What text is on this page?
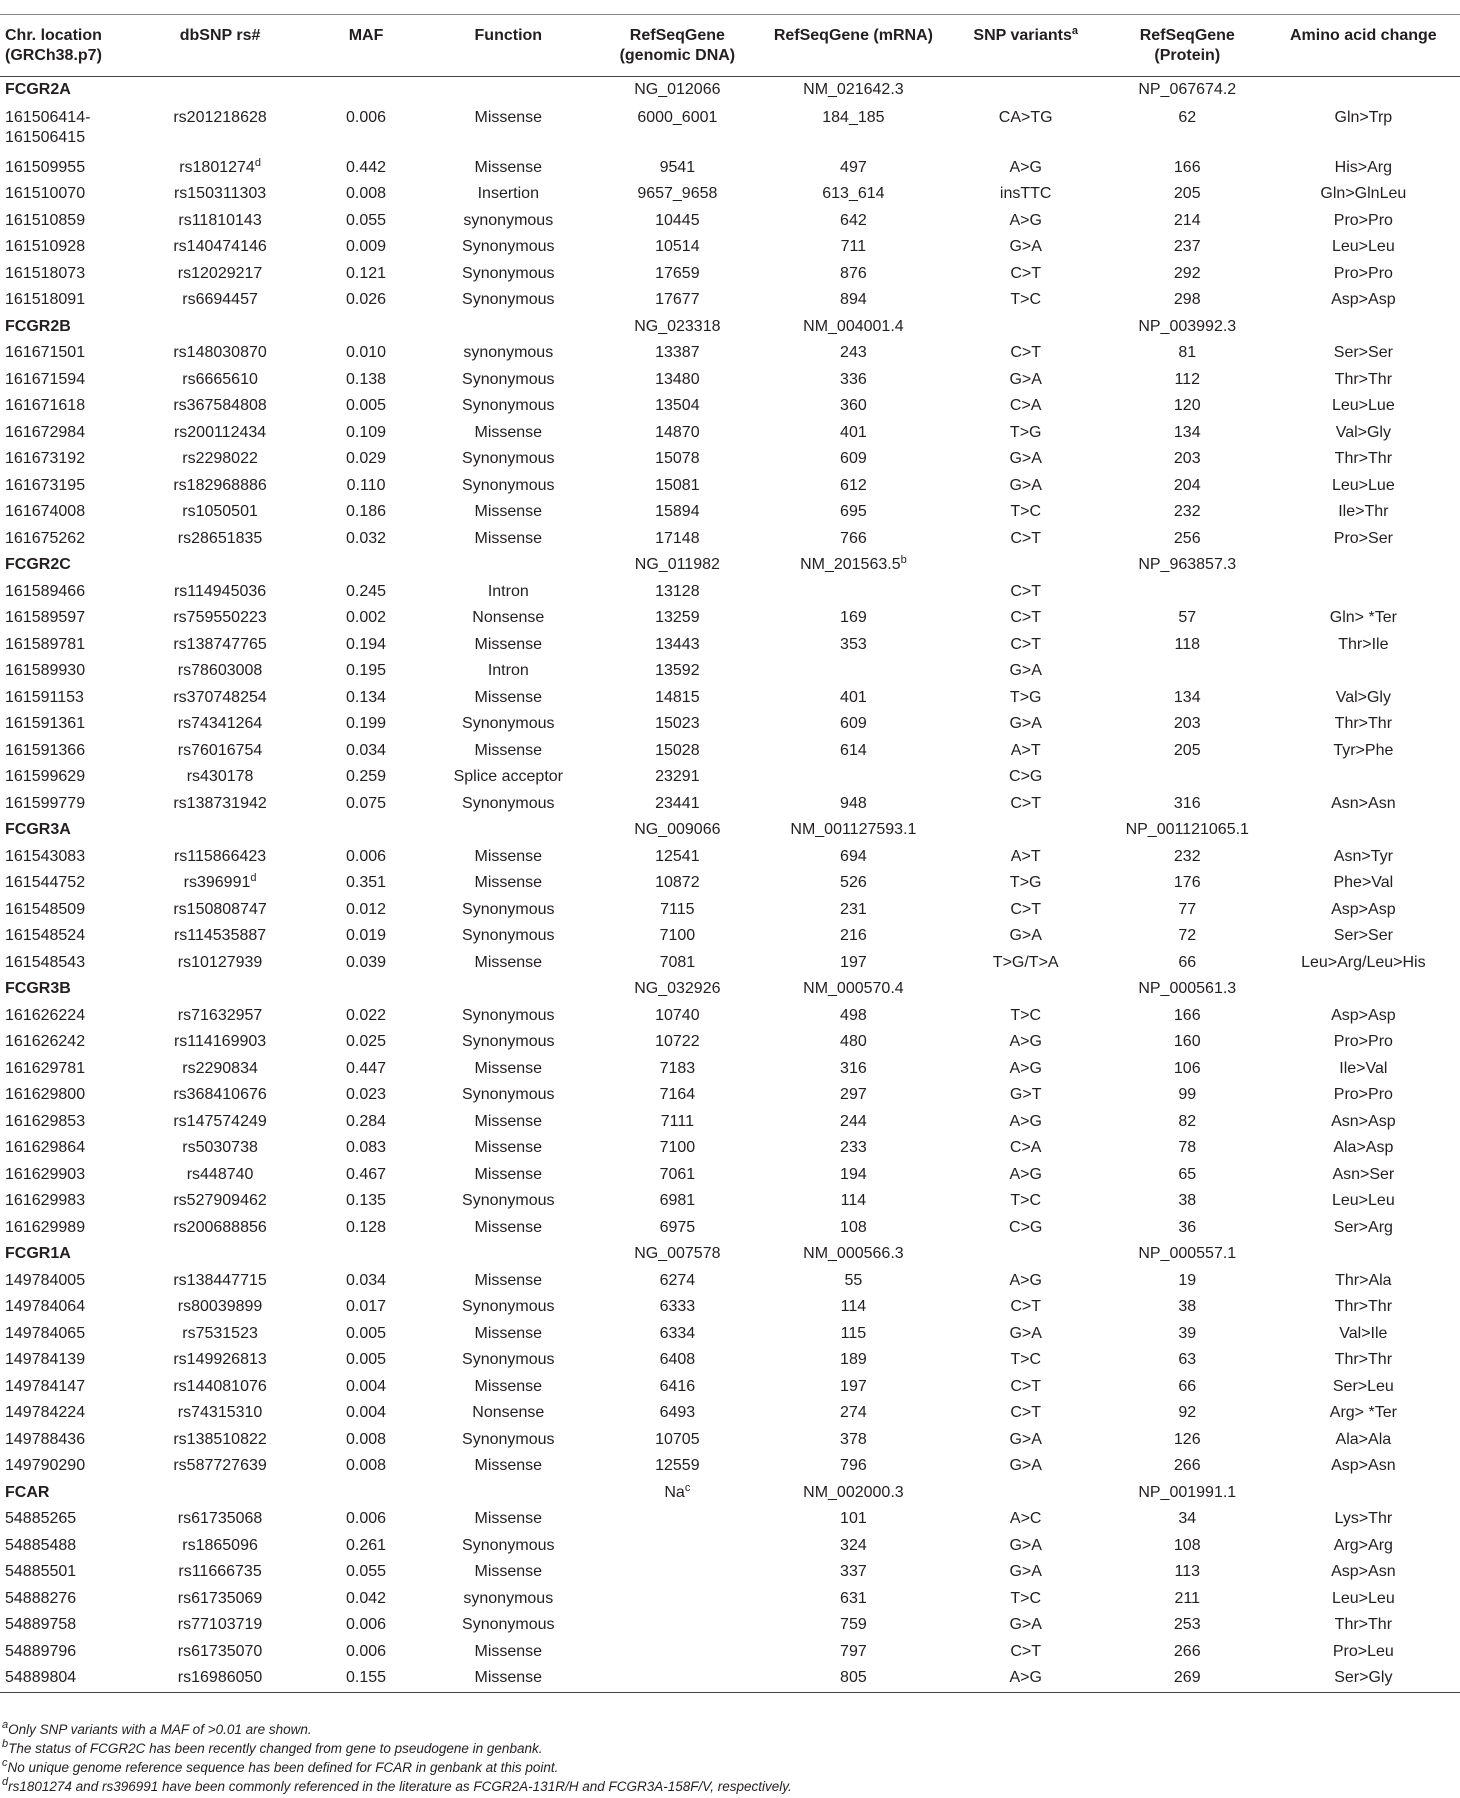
Chr. location (GRCh38.p7)	dbSNP rs#	MAF	Function	RefSeqGene (genomic DNA)	RefSeqGene (mRNA)	SNP variants$^a$	RefSeqGene (Protein)	Amino acid change
FCGR2A				NG_012066	NM_021642.3		NP_067674.2	
161506414-161506415	rs201218628	0.006	Missense	6000_6001	184_185	CA>TG	62	Gln>Trp
161509955	rs1801274$^d$	0.442	Missense	9541	497	A>G	166	His>Arg
161510070	rs150311303	0.008	Insertion	9657_9658	613_614	insTTC	205	Gln>GlnLeu
161510859	rs11810143	0.055	synonymous	10445	642	A>G	214	Pro>Pro
161510928	rs140474146	0.009	Synonymous	10514	711	G>A	237	Leu>Leu
161518073	rs12029217	0.121	Synonymous	17659	876	C>T	292	Pro>Pro
161518091	rs6694457	0.026	Synonymous	17677	894	T>C	298	Asp>Asp
FCGR2B				NG_023318	NM_004001.4		NP_003992.3	
161671501	rs148030870	0.010	synonymous	13387	243	C>T	81	Ser>Ser
161671594	rs6665610	0.138	Synonymous	13480	336	G>A	112	Thr>Thr
161671618	rs367584808	0.005	Synonymous	13504	360	C>A	120	Leu>Lue
161672984	rs200112434	0.109	Missense	14870	401	T>G	134	Val>Gly
161673192	rs2298022	0.029	Synonymous	15078	609	G>A	203	Thr>Thr
161673195	rs182968886	0.110	Synonymous	15081	612	G>A	204	Leu>Lue
161674008	rs1050501	0.186	Missense	15894	695	T>C	232	Ile>Thr
161675262	rs28651835	0.032	Missense	17148	766	C>T	256	Pro>Ser
FCGR2C				NG_011982	NM_201563.5$^b$		NP_963857.3	
161589466	rs114945036	0.245	Intron	13128		C>T		
161589597	rs759550223	0.002	Nonsense	13259	169	C>T	57	Gln> *Ter
161589781	rs138747765	0.194	Missense	13443	353	C>T	118	Thr>Ile
161589930	rs78603008	0.195	Intron	13592		G>A		
161591153	rs370748254	0.134	Missense	14815	401	T>G	134	Val>Gly
161591361	rs74341264	0.199	Synonymous	15023	609	G>A	203	Thr>Thr
161591366	rs76016754	0.034	Missense	15028	614	A>T	205	Tyr>Phe
161599629	rs430178	0.259	Splice acceptor	23291		C>G		
161599779	rs138731942	0.075	Synonymous	23441	948	C>T	316	Asn>Asn
FCGR3A				NG_009066	NM_001127593.1		NP_001121065.1	
161543083	rs115866423	0.006	Missense	12541	694	A>T	232	Asn>Tyr
161544752	rs396991$^d$	0.351	Missense	10872	526	T>G	176	Phe>Val
161548509	rs150808747	0.012	Synonymous	7115	231	C>T	77	Asp>Asp
161548524	rs114535887	0.019	Synonymous	7100	216	G>A	72	Ser>Ser
161548543	rs10127939	0.039	Missense	7081	197	T>G/T>A	66	Leu>Arg/Leu>His
FCGR3B				NG_032926	NM_000570.4		NP_000561.3	
161626224	rs71632957	0.022	Synonymous	10740	498	T>C	166	Asp>Asp
161626242	rs114169903	0.025	Synonymous	10722	480	A>G	160	Pro>Pro
161629781	rs2290834	0.447	Missense	7183	316	A>G	106	Ile>Val
161629800	rs368410676	0.023	Synonymous	7164	297	G>T	99	Pro>Pro
161629853	rs147574249	0.284	Missense	7111	244	A>G	82	Asn>Asp
161629864	rs5030738	0.083	Missense	7100	233	C>A	78	Ala>Asp
161629903	rs448740	0.467	Missense	7061	194	A>G	65	Asn>Ser
161629983	rs527909462	0.135	Synonymous	6981	114	T>C	38	Leu>Leu
161629989	rs200688856	0.128	Missense	6975	108	C>G	36	Ser>Arg
FCGR1A				NG_007578	NM_000566.3		NP_000557.1	
149784005	rs138447715	0.034	Missense	6274	55	A>G	19	Thr>Ala
149784064	rs80039899	0.017	Synonymous	6333	114	C>T	38	Thr>Thr
149784065	rs7531523	0.005	Missense	6334	115	G>A	39	Val>Ile
149784139	rs149926813	0.005	Synonymous	6408	189	T>C	63	Thr>Thr
149784147	rs144081076	0.004	Missense	6416	197	C>T	66	Ser>Leu
149784224	rs74315310	0.004	Nonsense	6493	274	C>T	92	Arg> *Ter
149788436	rs138510822	0.008	Synonymous	10705	378	G>A	126	Ala>Ala
149790290	rs587727639	0.008	Missense	12559	796	G>A	266	Asp>Asn
FCAR				Na$^c$	NM_002000.3		NP_001991.1	
54885265	rs61735068	0.006	Missense		101	A>C	34	Lys>Thr
54885488	rs1865096	0.261	Synonymous		324	G>A	108	Arg>Arg
54885501	rs11666735	0.055	Missense		337	G>A	113	Asp>Asn
54888276	rs61735069	0.042	synonymous		631	T>C	211	Leu>Leu
54889758	rs77103719	0.006	Synonymous		759	G>A	253	Thr>Thr
54889796	rs61735070	0.006	Missense		797	C>T	266	Pro>Leu
54889804	rs16986050	0.155	Missense		805	A>G	269	Ser>Gly
$^a$Only SNP variants with a MAF of >0.01 are shown.
$^b$The status of FCGR2C has been recently changed from gene to pseudogene in genbank.
$^c$No unique genome reference sequence has been defined for FCAR in genbank at this point.
$^d$rs1801274 and rs396991 have been commonly referenced in the literature as FCGR2A-131R/H and FCGR3A-158F/V, respectively.
